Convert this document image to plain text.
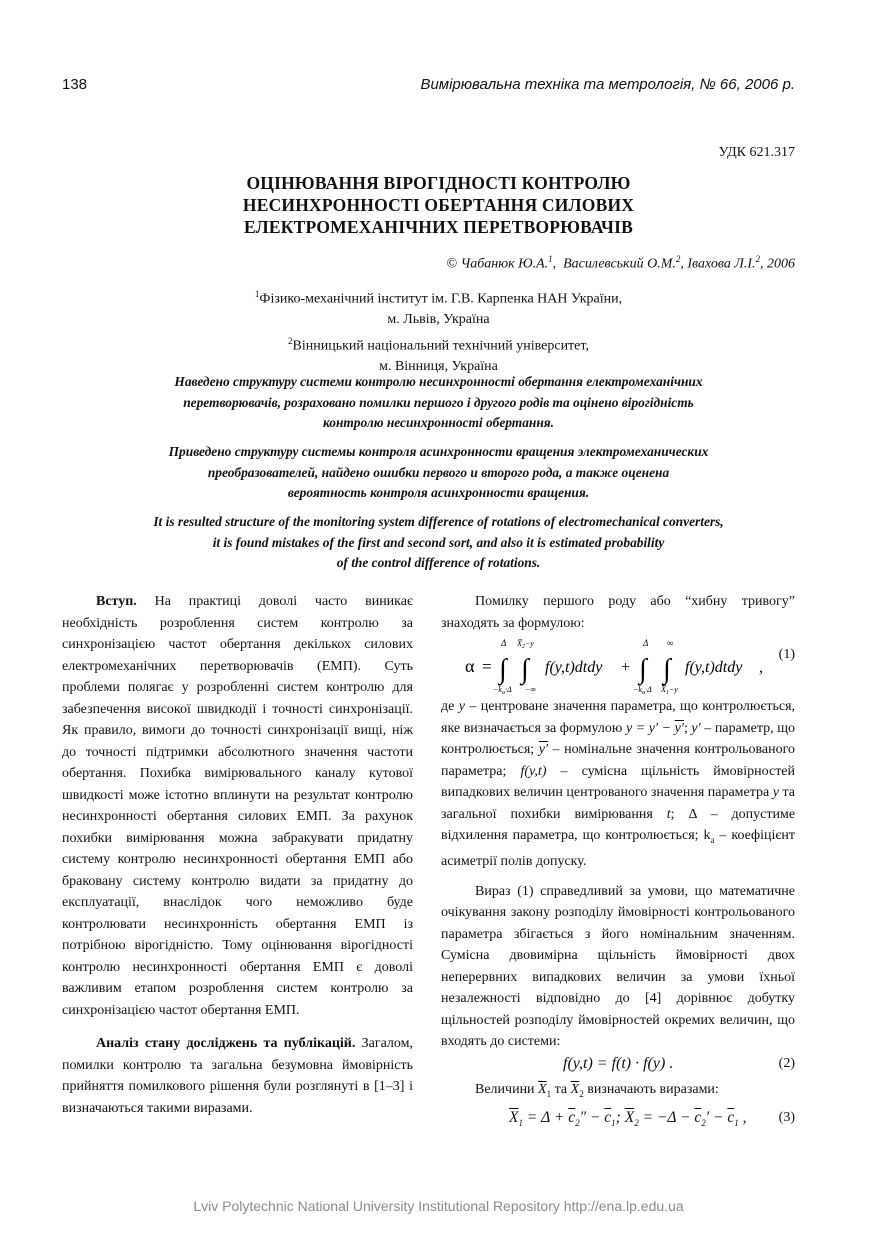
138	Вимірювальна техніка та метрологія, № 66, 2006 р.
УДК 621.317
ОЦІНЮВАННЯ ВІРОГІДНОСТІ КОНТРОЛЮ
НЕСИНХРОННОСТІ ОБЕРТАННЯ СИЛОВИХ
ЕЛЕКТРОМЕХАНІЧНИХ ПЕРЕТВОРЮВАЧІВ
© Чабанюк Ю.А.$^1$,  Василевський О.М.$^2$, Івахова Л.І.$^2$, 2006
$^1$Фізико-механічний інститут ім. Г.В. Карпенка НАН України,
м. Львів, Україна
$^2$Вінницький національний технічний університет,
м. Вінниця, Україна
Наведено структуру системи контролю несинхронності обертання електромеханічних
перетворювачів, розраховано помилки першого і другого родів та оцінено вірогідність
контролю несинхронності обертання.
Приведено структуру системы контроля асинхронности вращения электромеханических
преобразователей, найдено ошибки первого и второго рода, а также оценена
вероятность контроля асинхронности вращения.
It is resulted structure of the monitoring system difference of rotations of electromechanical converters,
it is found mistakes of the first and second sort, and also it is estimated probability
of the control difference of rotations.

Вступ. На практиці доволі часто виникає необхідність розроблення систем контролю за синхронізацією частот обертання декількох силових електромеханічних перетворювачів (ЕМП). Суть проблеми полягає у розробленні систем контролю для забезпечення високої швидкодії і точності синхронізації. Як правило, вимоги до точності синхронізації вищі, ніж до точності підтримки абсолютного значення частоти обертання. Похибка вимірювального каналу кутової швидкості може істотно вплинути на результат контролю несинхронності обертання силових ЕМП. За рахунок похибки вимірювання можна забракувати придатну систему контролю несинхронності обертання ЕМП або браковану систему контролю видати за придатну до експлуатації, внаслідок чого неможливо буде контролювати несинхронність обертання ЕМП із потрібною вірогідністю. Тому оцінювання вірогідності контролю несинхронності обертання ЕМП є доволі важливим етапом розроблення систем контролю за синхронізацією частот обертання ЕМП.

Аналіз стану досліджень та публікацій. Загалом, помилки контролю та загальна безумовна ймовірність прийняття помилкового рішення були розглянуті в [1–3] і визначаються такими виразами.

Помилку першого роду або “хибну тривогу” знаходять за формулою:

α = ∫
Δ
$-k_a\cdot\Delta$
∫
$X̅_2-y$
−∞
f(y,t)dtdy + ∫
Δ
$-k_a\cdot\Delta$
∫
∞
$X̅_1-y$
f(y,t)dtdy ,
(1)

де y – центроване значення параметра, що контролюється, яке визначається за формулою y = y′ − y′; y′ – параметр, що контролюється; y′ – номінальне значення контрольованого параметра; f(y,t) – сумісна щільність ймовірностей випадкових величин центрованого значення параметра y та загальної похибки вимірювання t; Δ – допустиме відхилення параметра, що контролюється; $k_a$ – коефіцієнт асиметрії полів допуску.

Вираз (1) справедливий за умови, що математичне очікування закону розподілу ймовірності контрольованого параметра збігається з його номінальним значенням. Сумісна двовимірна щільність ймовірності двох неперервних випадкових величин за умови їхньої незалежності відповідно до [4] дорівнює добутку щільностей розподілу ймовірностей окремих величин, що входять до системи:

f(y,t) = f(t) · f(y) .	(2)

Величини $\overline{X}_1$ та $\overline{X}_2$ визначають виразами:

$\overline{X}_1 = \Delta + \overline{c}_2'' - \overline{c}_1$; $\overline{X}_2 = -\Delta - \overline{c}_2' - \overline{c}_1$ , (3)
Lviv Polytechnic National University Institutional Repository http://ena.lp.edu.ua
